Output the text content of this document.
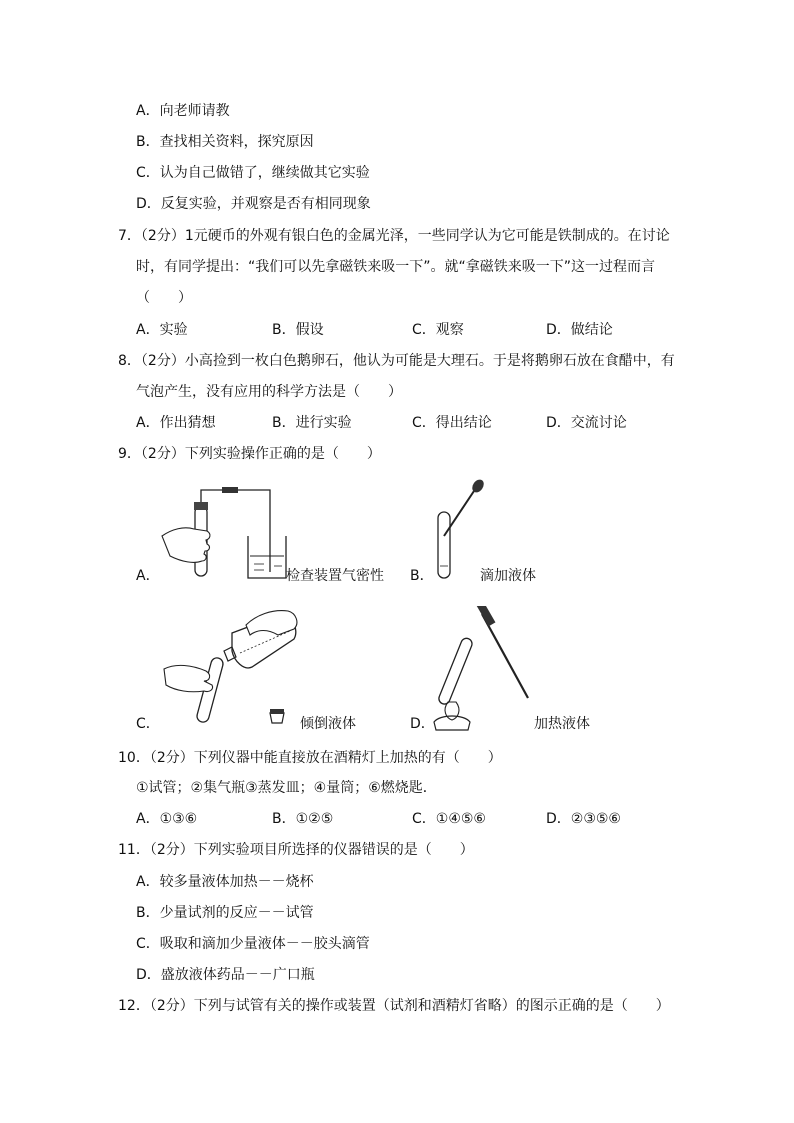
A．向老师请教
B．查找相关资料，探究原因
C．认为自己做错了，继续做其它实验
D．反复实验，并观察是否有相同现象
7．（2分）1元硬币的外观有银白色的金属光泽，一些同学认为它可能是铁制成的。在讨论
时，有同学提出：“我们可以先拿磁铁来吸一下”。就“拿磁铁来吸一下”这一过程而言
（　　）
A．实验	B．假设	C．观察	D．做结论
8．（2分）小高捡到一枚白色鹅卵石，他认为可能是大理石。于是将鹅卵石放在食醋中，有
气泡产生，没有应用的科学方法是（　　）
A．作出猜想	B．进行实验	C．得出结论	D．交流讨论
9．（2分）下列实验操作正确的是（　　）
A．	检查装置气密性 B．	滴加液体
C．	倾倒液体	D．	加热液体
10．（2分）下列仪器中能直接放在酒精灯上加热的有（　　）
①试管；②集气瓶③蒸发皿；④量筒；⑥燃烧匙．
A．①③⑥	B．①②⑤	C．①④⑤⑥	D．②③⑤⑥
11．（2分）下列实验项目所选择的仪器错误的是（　　）
A．较多量液体加热－－烧杯
B．少量试剂的反应－－试管
C．吸取和滴加少量液体－－胶头滴管
D．盛放液体药品－－广口瓶
12．（2分）下列与试管有关的操作或装置（试剂和酒精灯省略）的图示正确的是（　　）
